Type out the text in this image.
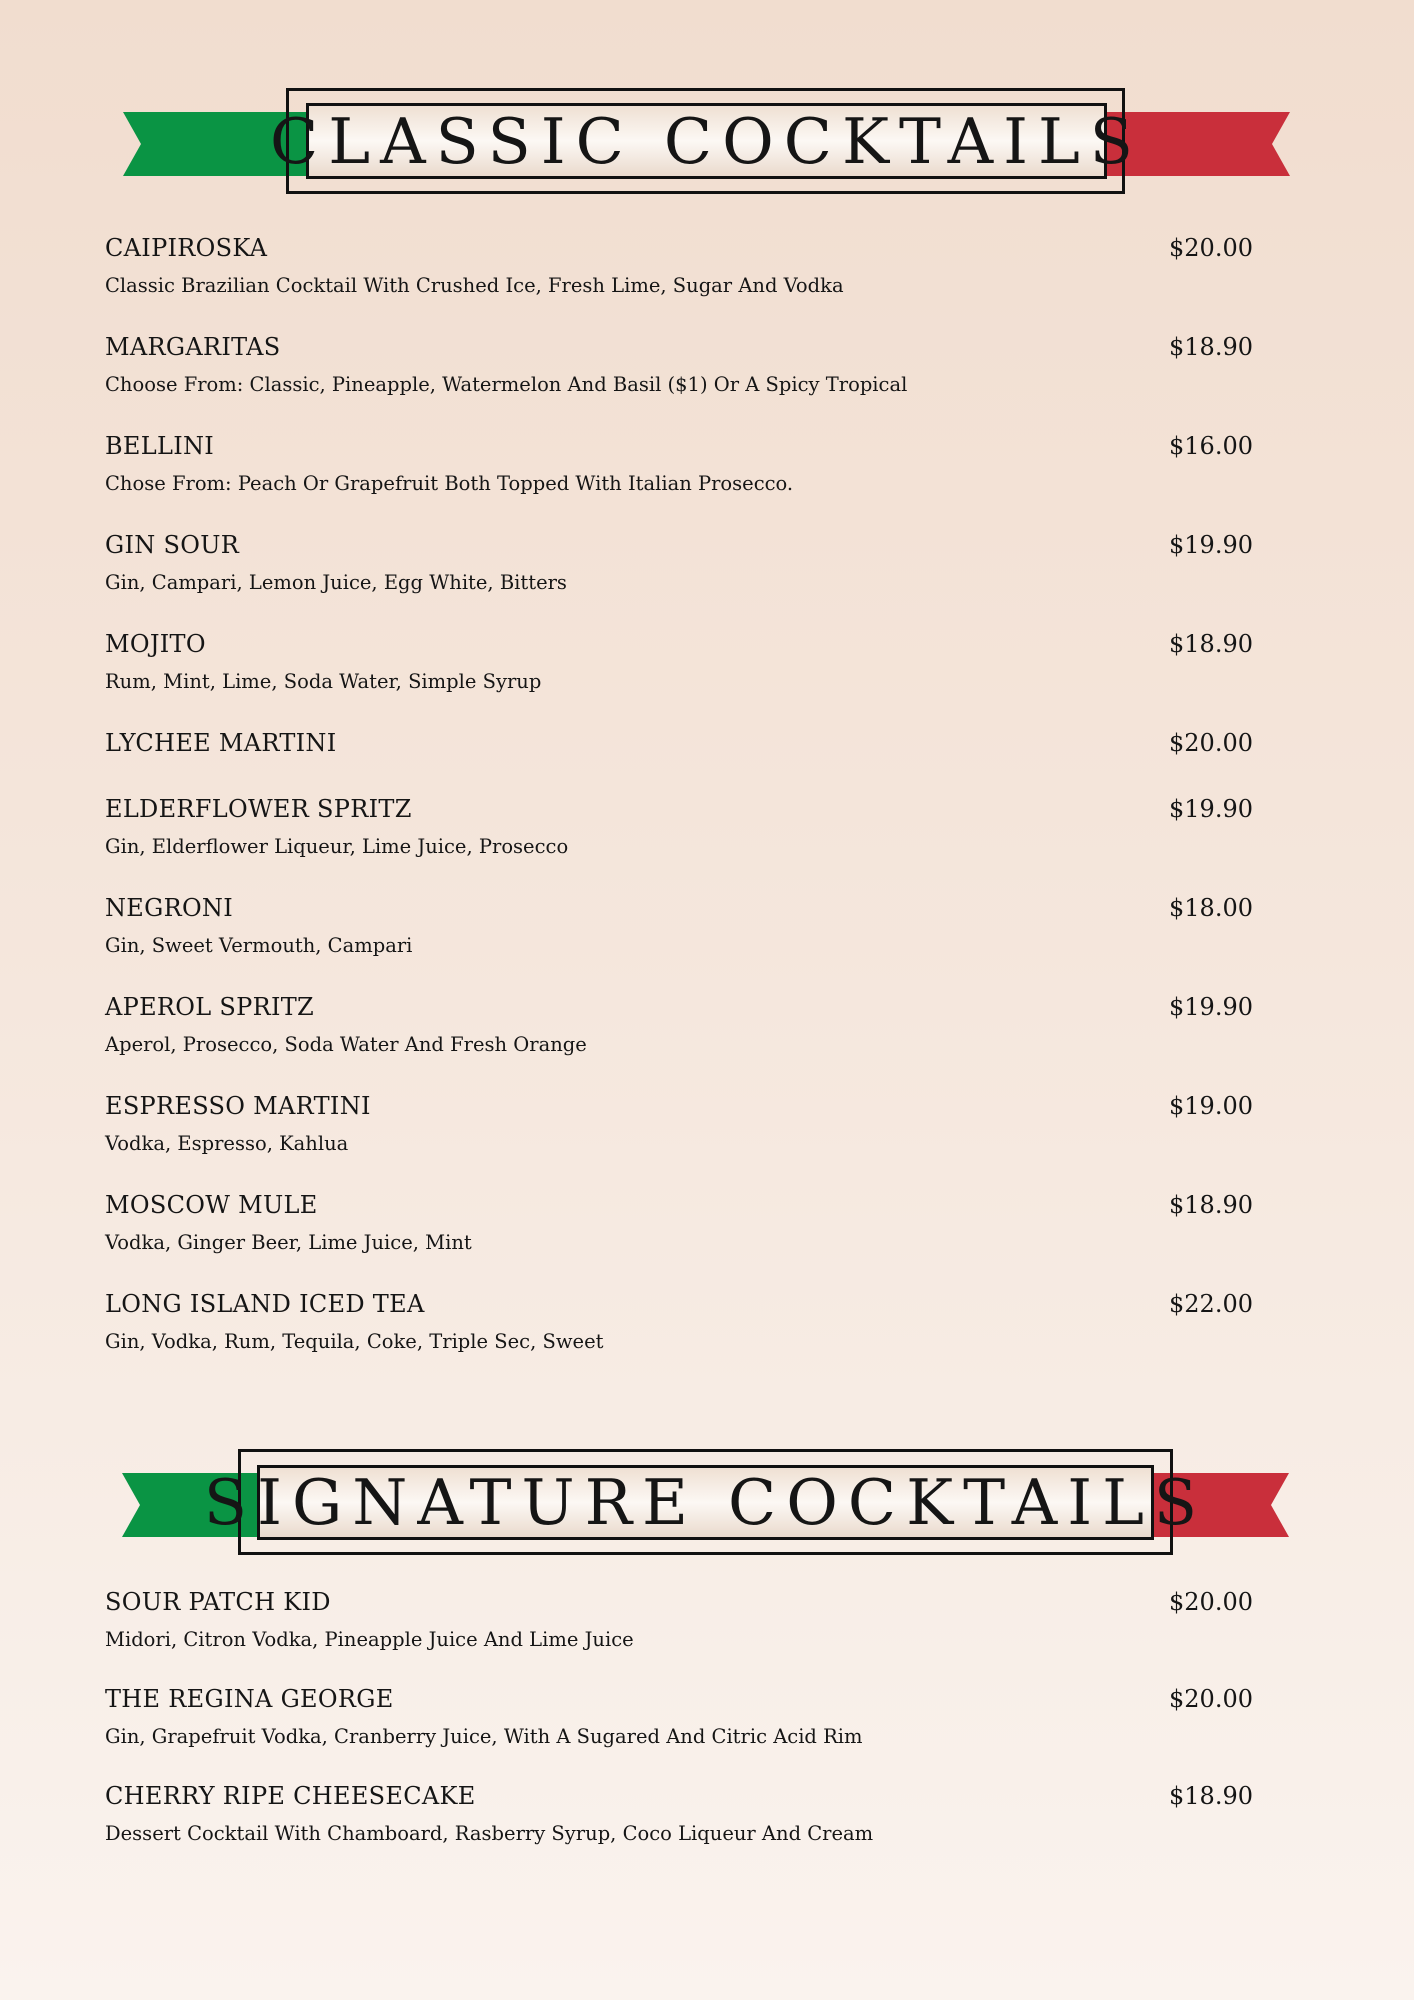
CLASSIC COCKTAILS
CAIPIROSKA	$20.00
Classic Brazilian Cocktail With Crushed Ice, Fresh Lime, Sugar And Vodka
MARGARITAS	$18.90
Choose From: Classic, Pineapple, Watermelon And Basil ($1) Or A Spicy Tropical
BELLINI	$16.00
Chose From: Peach Or Grapefruit Both Topped With Italian Prosecco.
GIN SOUR	$19.90
Gin, Campari, Lemon Juice, Egg White, Bitters
MOJITO	$18.90
Rum, Mint, Lime, Soda Water, Simple Syrup
LYCHEE MARTINI	$20.00
ELDERFLOWER SPRITZ	$19.90
Gin, Elderflower Liqueur, Lime Juice, Prosecco
NEGRONI	$18.00
Gin, Sweet Vermouth, Campari
APEROL SPRITZ	$19.90
Aperol, Prosecco, Soda Water And Fresh Orange
ESPRESSO MARTINI	$19.00
Vodka, Espresso, Kahlua
MOSCOW MULE	$18.90
Vodka, Ginger Beer, Lime Juice, Mint
LONG ISLAND ICED TEA	$22.00
Gin, Vodka, Rum, Tequila, Coke, Triple Sec, Sweet
SIGNATURE COCKTAILS
SOUR PATCH KID	$20.00
Midori, Citron Vodka, Pineapple Juice And Lime Juice
THE REGINA GEORGE	$20.00
Gin, Grapefruit Vodka, Cranberry Juice, With A Sugared And Citric Acid Rim
CHERRY RIPE CHEESECAKE	$18.90
Dessert Cocktail With Chamboard, Rasberry Syrup, Coco Liqueur And Cream
